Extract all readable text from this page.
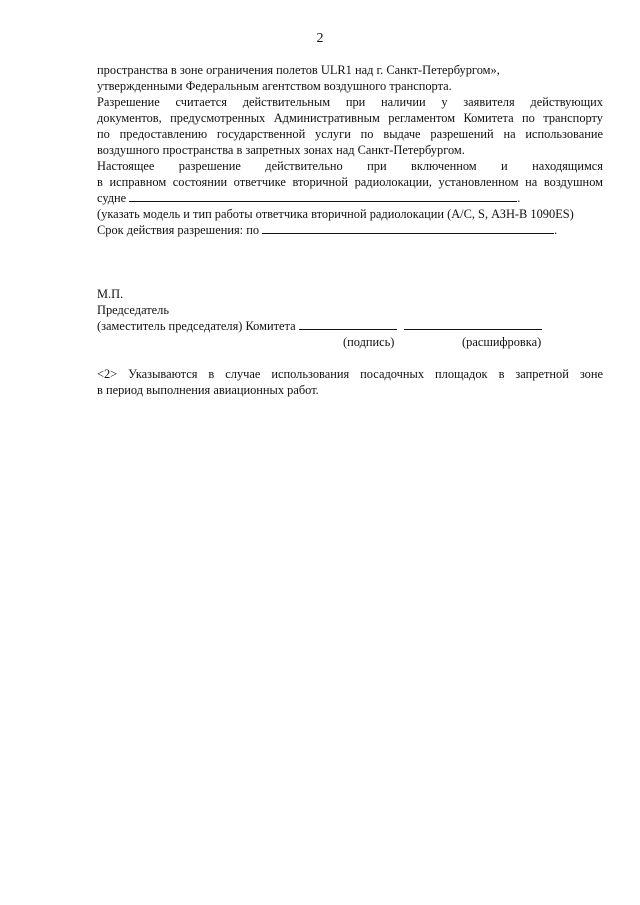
2
пространства в зоне ограничения полетов ULR1 над г. Санкт-Петербургом»,
утвержденными Федеральным агентством воздушного транспорта.
Разрешение считается действительным при наличии у заявителя действующих
документов, предусмотренных Административным регламентом Комитета по транспорту
по предоставлению государственной услуги по выдаче разрешений на использование
воздушного пространства в запретных зонах над Санкт-Петербургом.
Настоящее разрешение действительно при включенном и находящимся
в исправном состоянии ответчике вторичной радиолокации, установленном на воздушном
судне	.
(указать модель и тип работы ответчика вторичной радиолокации (A/C, S, АЗН-В 1090ES)
Срок действия разрешения: по	.
М.П.
Председатель
(заместитель председателя) Комитета
(подпись)	(расшифровка)
<2> Указываются в случае использования посадочных площадок в запретной зоне
в период выполнения авиационных работ.
